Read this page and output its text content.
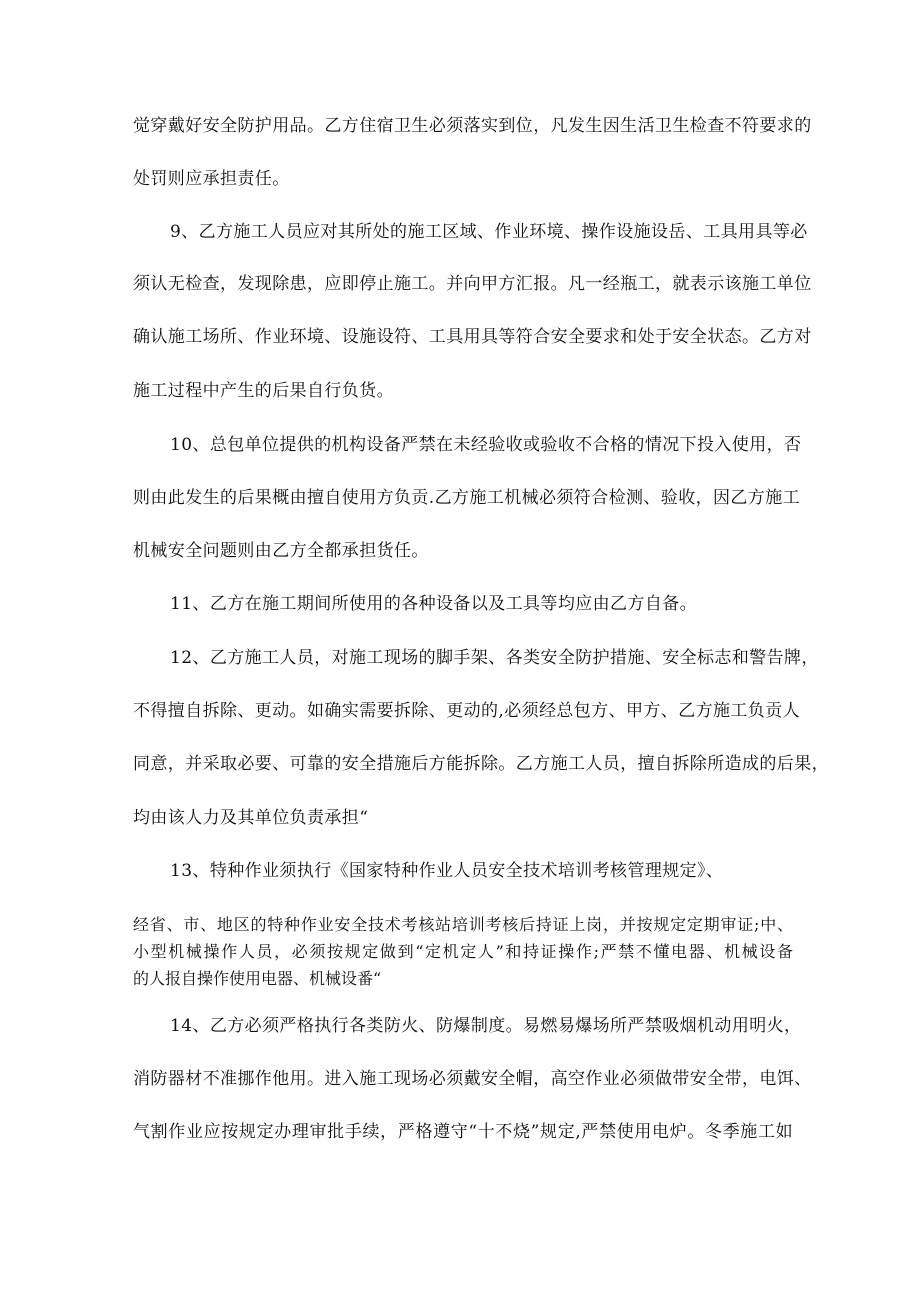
觉穿戴好安全防护用品。乙方住宿卫生必须落实到位，凡发生因生活卫生检查不符要求的
处罚则应承担责任。
9、乙方施工人员应对其所处的施工区域、作业环境、操作设施设岳、工具用具等必
须认无检查，发现除患，应即停止施工。并向甲方汇报。凡一经瓶工，就表示该施工单位
确认施工场所、作业环境、设施设符、工具用具等符合安全要求和处于安全状态。乙方对
施工过程中产生的后果自行负货。
10、总包单位提供的机构设备严禁在未经验收或验收不合格的情况下投入使用，否
则由此发生的后果概由擅自使用方负贡.乙方施工机械必须符合检测、验收，因乙方施工
机械安全问题则由乙方全都承担货任。
11、乙方在施工期间所使用的各种设备以及工具等均应由乙方自备。
12、乙方施工人员，对施工现场的脚手架、各类安全防护措施、安全标志和警告牌，
不得擅自拆除、更动。如确实需要拆除、更动的,必须经总包方、甲方、乙方施工负贡人
同意，并采取必要、可靠的安全措施后方能拆除。乙方施工人员，擅自拆除所造成的后果，
均由该人力及其单位负责承担“
13、特种作业须执行《国家特种作业人员安全技术培训考核管理规定》、
经省、市、地区的特种作业安全技术考核站培训考核后持证上岗，并按规定定期审证;中、
小型机械操作人员，必须按规定做到“定机定人”和持证操作;严禁不懂电器、机械设备
的人报自操作使用电器、机械设番“
14、乙方必须严格执行各类防火、防爆制度。易燃易爆场所严禁吸烟机动用明火，
消防器材不准挪作他用。进入施工现场必须戴安全帽，高空作业必须做带安全带，电饵、
气割作业应按规定办理审批手续，严格遵守“十不烧”规定,严禁使用电炉。冬季施工如
